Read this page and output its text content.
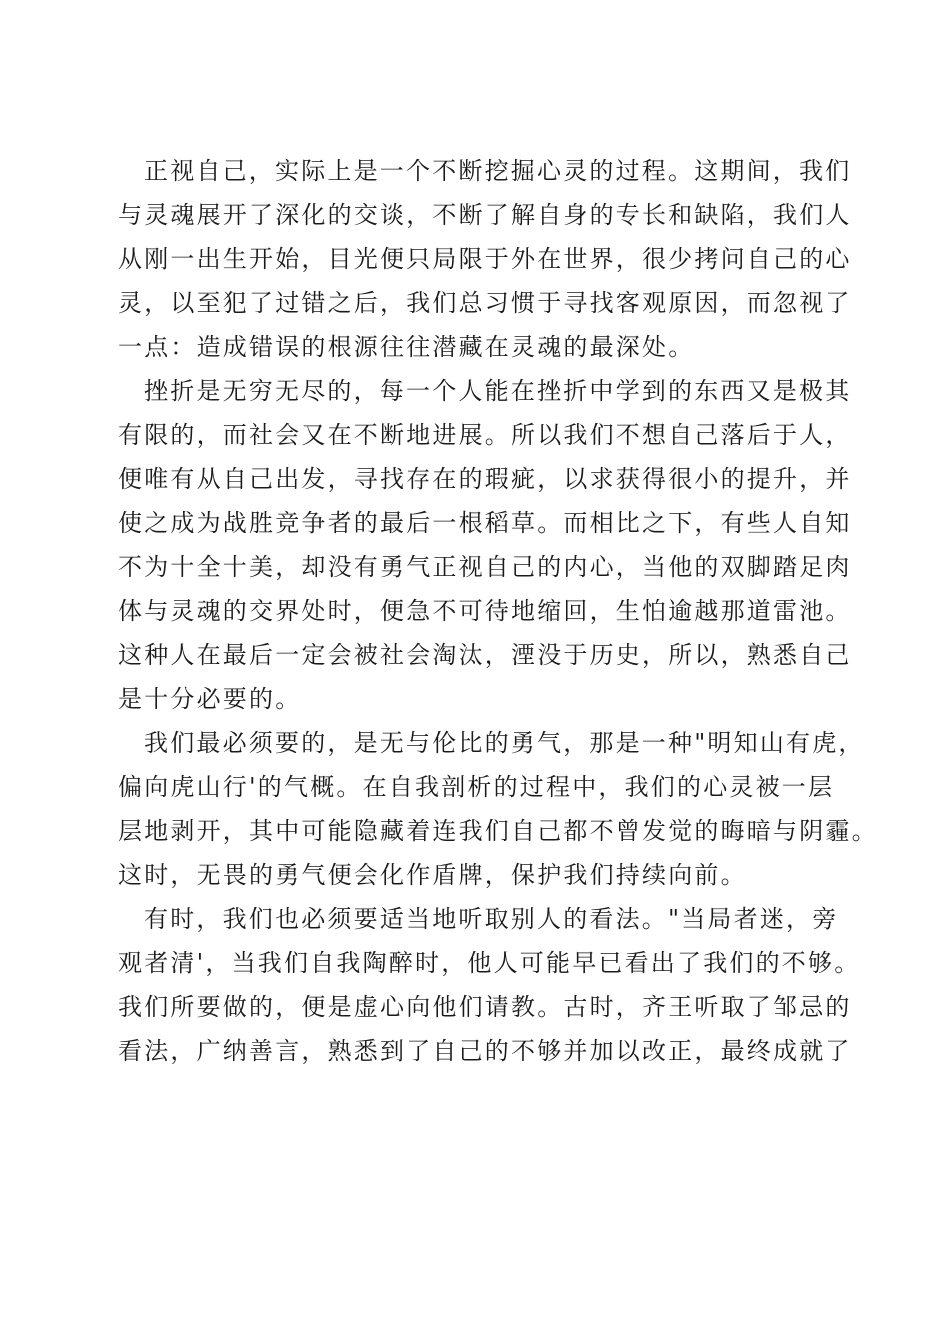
正视自己，实际上是一个不断挖掘心灵的过程。这期间，我们
与灵魂展开了深化的交谈，不断了解自身的专长和缺陷，我们人
从刚一出生开始，目光便只局限于外在世界，很少拷问自己的心
灵，以至犯了过错之后，我们总习惯于寻找客观原因，而忽视了
一点：造成错误的根源往往潜藏在灵魂的最深处。
挫折是无穷无尽的，每一个人能在挫折中学到的东西又是极其
有限的，而社会又在不断地进展。所以我们不想自己落后于人，
便唯有从自己出发，寻找存在的瑕疵，以求获得很小的提升，并
使之成为战胜竞争者的最后一根稻草。而相比之下，有些人自知
不为十全十美，却没有勇气正视自己的内心，当他的双脚踏足肉
体与灵魂的交界处时，便急不可待地缩回，生怕逾越那道雷池。
这种人在最后一定会被社会淘汰，湮没于历史，所以，熟悉自己
是十分必要的。
我们最必须要的，是无与伦比的勇气，那是一种"明知山有虎，
偏向虎山行'的气概。在自我剖析的过程中，我们的心灵被一层
层地剥开，其中可能隐藏着连我们自己都不曾发觉的晦暗与阴霾。
这时，无畏的勇气便会化作盾牌，保护我们持续向前。
有时，我们也必须要适当地听取别人的看法。"当局者迷，旁
观者清'，当我们自我陶醉时，他人可能早已看出了我们的不够。
我们所要做的，便是虚心向他们请教。古时，齐王听取了邹忌的
看法，广纳善言，熟悉到了自己的不够并加以改正，最终成就了
